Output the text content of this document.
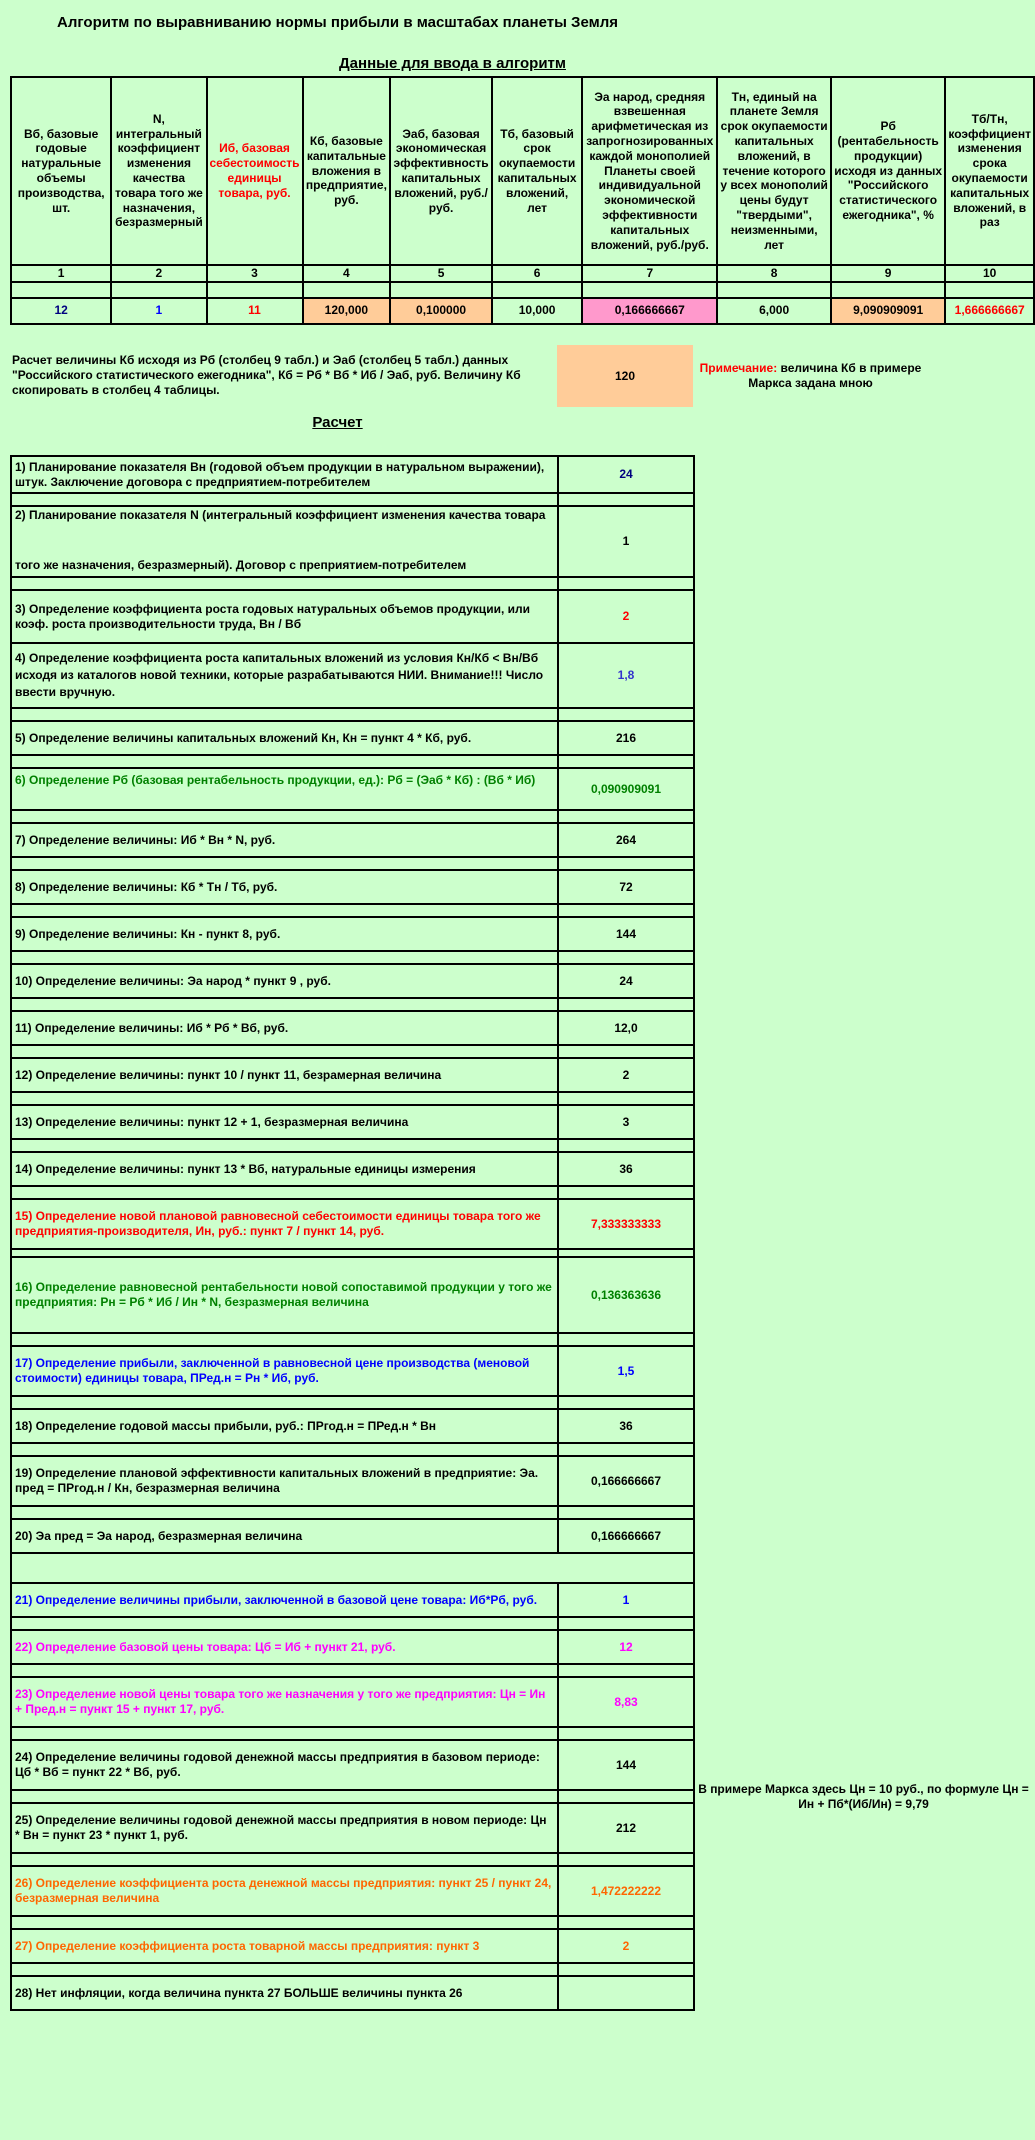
Алгоритм по выравниванию нормы прибыли в масштабах планеты Земля
Данные для ввода в алгоритм
Вб, базовые годовые натуральные объемы производства, шт.	N, интегральный коэффициент изменения качества товара того же назначения, безразмерный	Иб, базовая себестоимость единицы товара, руб.	Кб, базовые капитальные вложения в предприятие, руб.	Эаб, базовая экономическая эффективность капитальных вложений, руб./руб.	Тб, базовый срок окупаемости капитальных вложений, лет	Эа народ, средняя взвешенная арифметическая из запрогнозированных каждой монополией Планеты своей индивидуальной экономической эффективности капитальных вложений, руб./руб.	Тн, единый на планете Земля срок окупаемости капитальных вложений, в течение которого у всех монополий цены будут "твердыми", неизменными, лет	Рб (рентабельность продукции) исходя из данных "Российского статистического ежегодника", %	Тб/Тн, коэффициент изменения срока окупаемости капитальных вложений, в раз
1	2	3	4	5	6	7	8	9	10

12	1	11	120,000	0,100000	10,000	0,166666667	6,000	9,090909091	1,666666667
Расчет величины Кб исходя из Рб (столбец 9 табл.) и Эаб (столбец 5 табл.) данных "Российского статистического ежегодника", Кб = Рб * Вб * Иб / Эаб, руб. Величину Кб скопировать в столбец 4 таблицы.
120
Примечание: величина Кб в примере Маркса задана мною
Расчет
1) Планирование показателя Вн (годовой объем продукции в натуральном выражении), штук. Заключение договора с предприятием-потребителем	24

2) Планирование показателя N (интегральный коэффициент изменения качества товара
того же назначения, безразмерный). Договор с преприятием-потребителем	1

3) Определение коэффициента роста годовых натуральных объемов продукции, или коэф. роста производительности труда, Вн / Вб	2
4) Определение коэффициента роста капитальных вложений из условия Кн/Кб < Вн/Вб исходя из каталогов новой техники, которые разрабатываются НИИ. Внимание!!! Число ввести вручную.	1,8

5) Определение величины капитальных вложений Кн, Кн = пункт 4 * Кб, руб.	216

6) Определение Рб (базовая рентабельность продукции, ед.): Рб = (Эаб * Кб) : (Вб * Иб)	0,090909091

7) Определение величины: Иб * Вн * N, руб.	264

8) Определение величины: Кб * Тн / Тб, руб.	72

9) Определение величины: Кн - пункт 8, руб.	144

10) Определение величины: Эа народ * пункт 9 , руб.	24

11) Определение величины: Иб * Рб * Вб, руб.	12,0

12) Определение величины: пункт 10 / пункт 11, безрамерная величина	2

13) Определение величины: пункт 12 + 1, безразмерная величина	3

14) Определение величины: пункт 13 * Вб, натуральные единицы измерения	36

15) Определение новой плановой равновесной себестоимости единицы товара того же предприятия-производителя, Ин, руб.: пункт 7 / пункт 14, руб.	7,333333333

16) Определение равновесной рентабельности новой сопоставимой продукции у того же предприятия: Рн = Рб * Иб / Ин * N, безразмерная величина	0,136363636

17) Определение прибыли, заключенной в равновесной цене производства (меновой стоимости) единицы товара, ПРед.н = Рн * Иб, руб.	1,5

18) Определение годовой массы прибыли, руб.: ПРгод.н = ПРед.н * Вн	36

19) Определение плановой эффективности капитальных вложений в предприятие: Эа. пред = ПРгод.н / Кн, безразмерная величина	0,166666667

20) Эа пред = Эа народ, безразмерная величина	0,166666667

21) Определение величины прибыли, заключенной в базовой цене товара: Иб*Рб, руб.	1

22) Определение базовой цены товара: Цб = Иб + пункт 21, руб.	12

23) Определение новой цены товара того же назначения у того же предприятия: Цн = Ин + Пред.н = пункт 15 + пункт 17, руб.	8,83

24) Определение величины годовой денежной массы предприятия в базовом периоде: Цб * Вб = пункт 22 * Вб, руб.	144

25) Определение величины годовой денежной массы предприятия в новом периоде: Цн * Вн = пункт 23 * пункт 1, руб.	212

26) Определение коэффициента роста денежной массы предприятия: пункт 25 / пункт 24, безразмерная величина	1,472222222

27) Определение коэффициента роста товарной массы предприятия: пункт 3	2

28) Нет инфляции, когда величина пункта 27 БОЛЬШЕ величины пункта 26	
В примере Маркса здесь Цн = 10 руб., по формуле Цн = Ин + Пб*(Иб/Ин) = 9,79
